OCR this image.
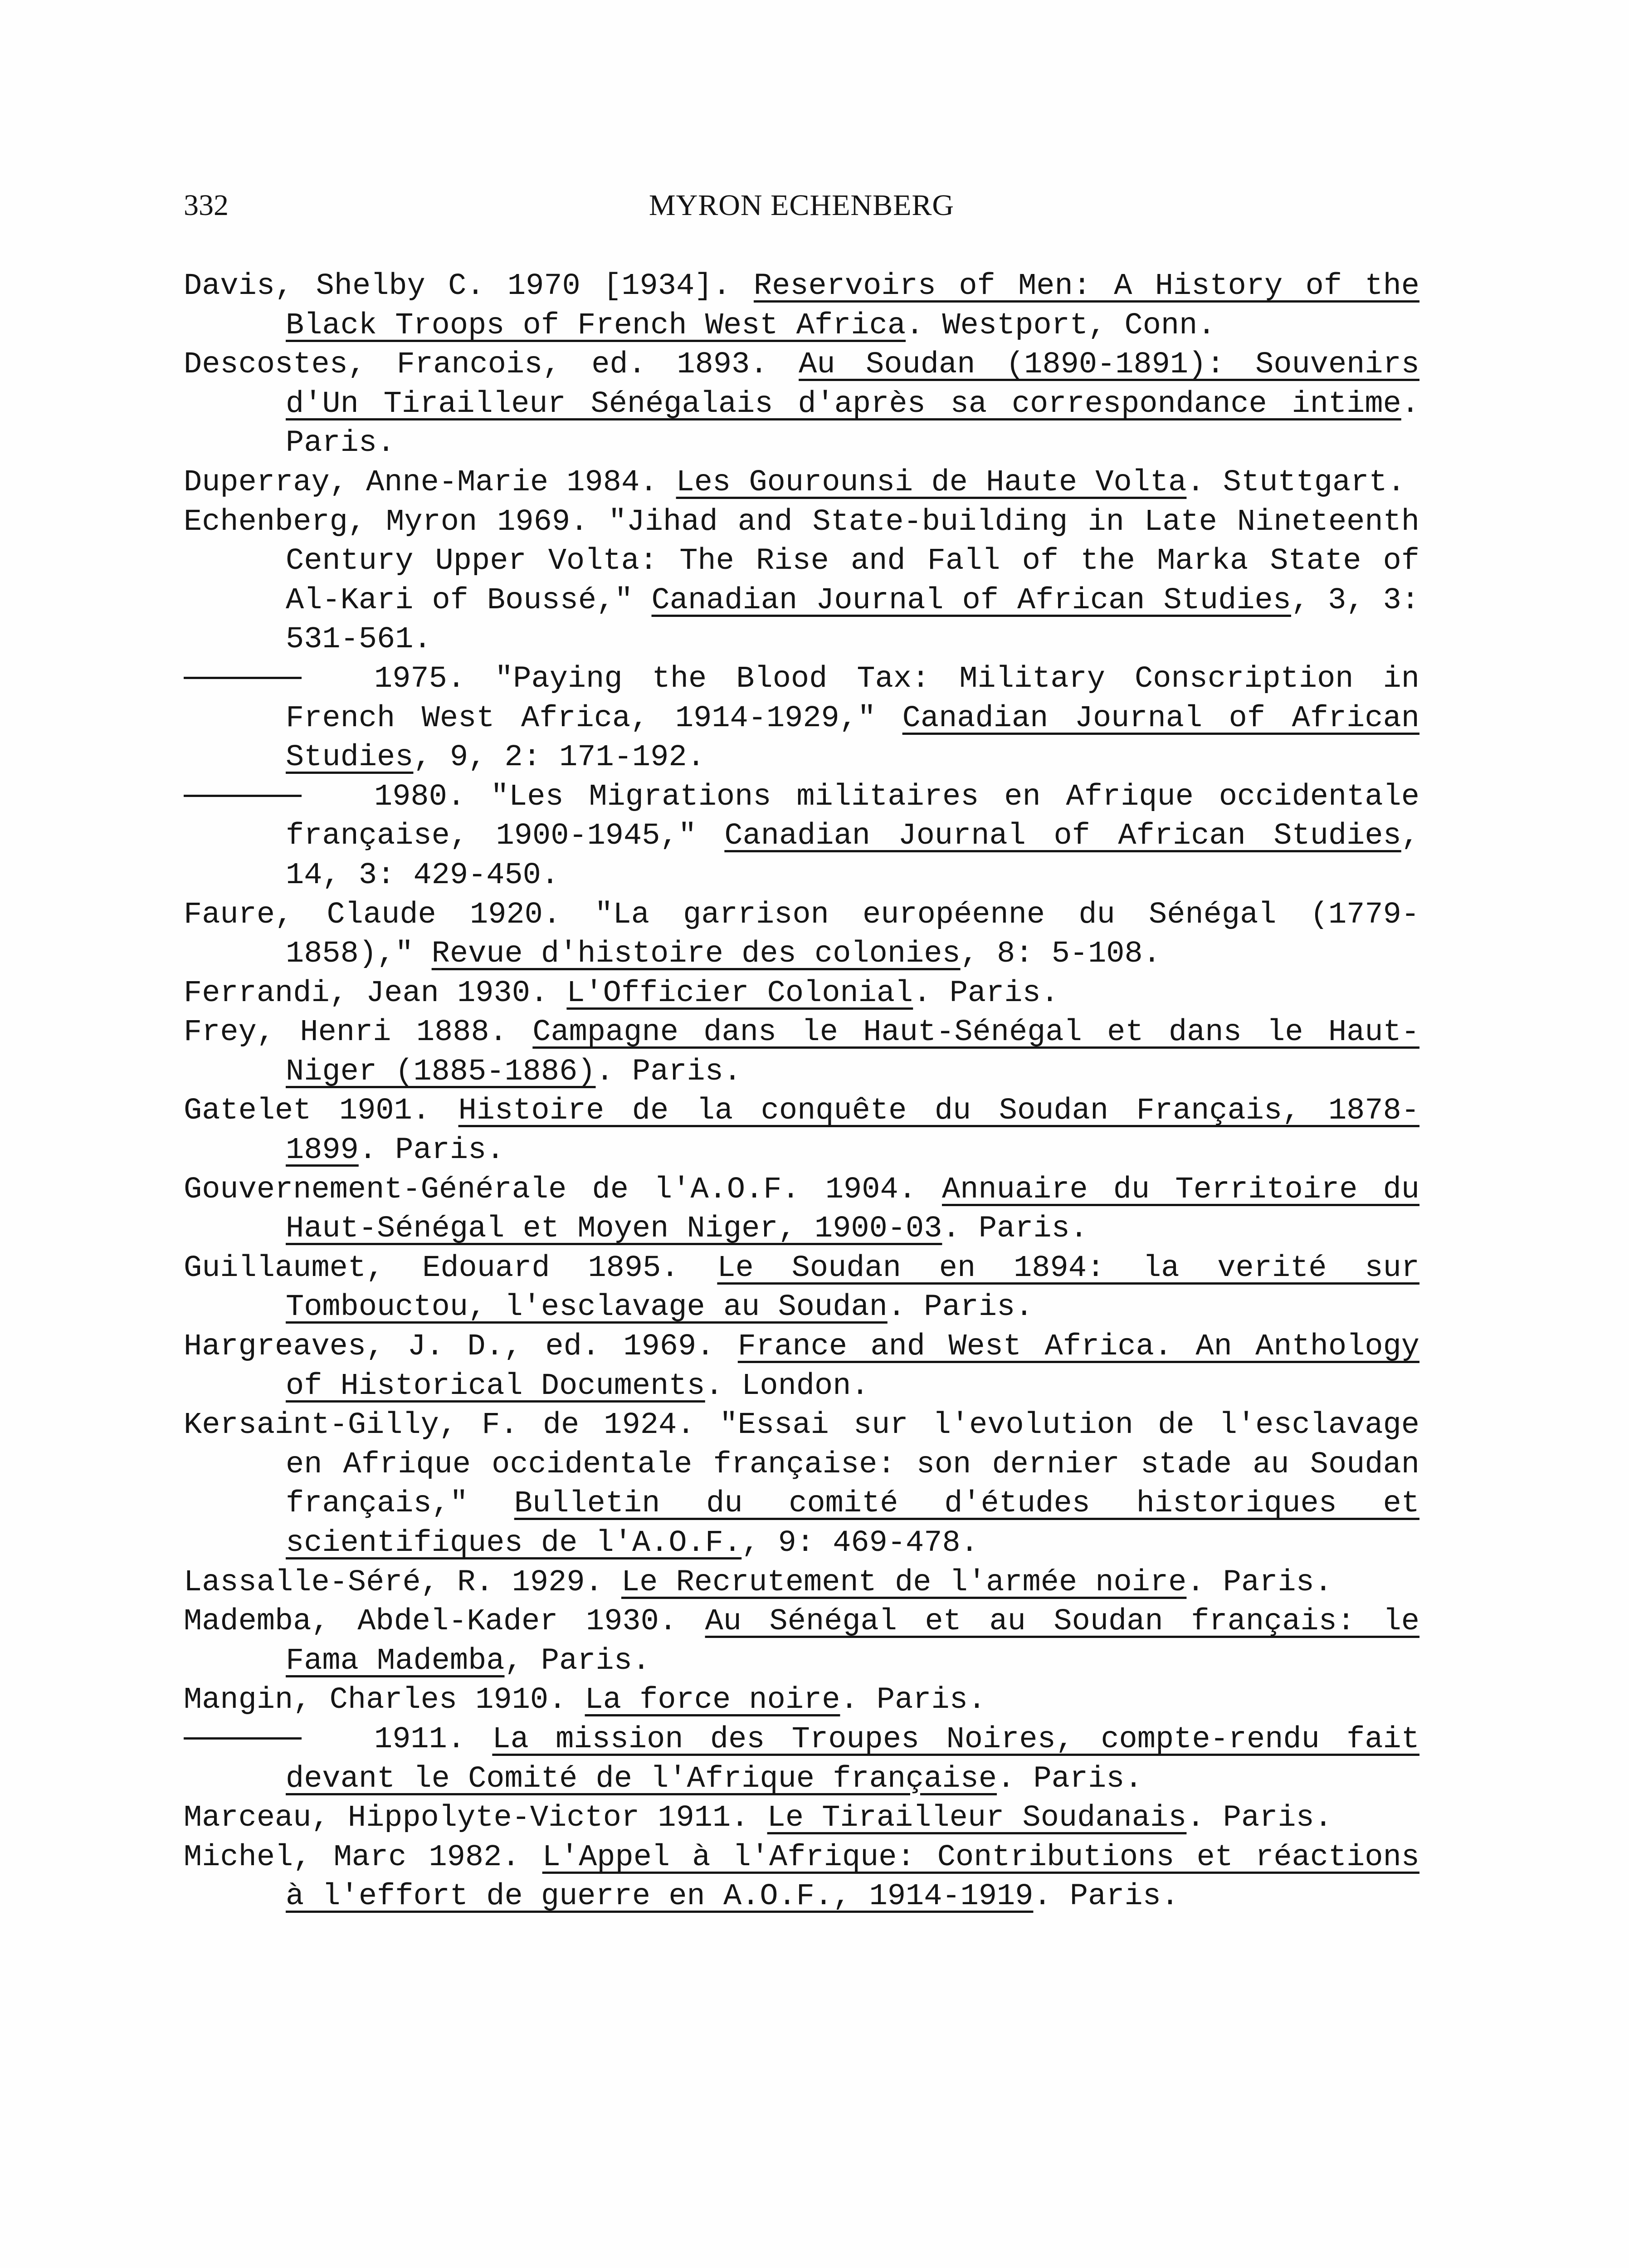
332	MYRON ECHENBERG

Davis, Shelby C. 1970 [1934]. Reservoirs of Men: A History of the Black Troops of French West Africa. Westport, Conn.

Descostes, Francois, ed. 1893. Au Soudan (1890-1891): Souvenirs d'Un Tirailleur Sénégalais d'après sa correspondance intime. Paris.

Duperray, Anne-Marie 1984. Les Gourounsi de Haute Volta. Stuttgart.

Echenberg, Myron 1969. "Jihad and State-building in Late Nineteenth Century Upper Volta: The Rise and Fall of the Marka State of Al-Kari of Boussé," Canadian Journal of African Studies, 3, 3: 531-561.

1975. "Paying the Blood Tax: Military Conscription in French West Africa, 1914-1929," Canadian Journal of African Studies, 9, 2: 171-192.

1980. "Les Migrations militaires en Afrique occidentale française, 1900-1945," Canadian Journal of African Studies, 14, 3: 429-450.

Faure, Claude 1920. "La garrison européenne du Sénégal (1779-1858)," Revue d'histoire des colonies, 8: 5-108.

Ferrandi, Jean 1930. L'Officier Colonial. Paris.

Frey, Henri 1888. Campagne dans le Haut-Sénégal et dans le Haut-Niger (1885-1886). Paris.

Gatelet 1901. Histoire de la conquête du Soudan Français, 1878-1899. Paris.

Gouvernement-Générale de l'A.O.F. 1904. Annuaire du Territoire du Haut-Sénégal et Moyen Niger, 1900-03. Paris.

Guillaumet, Edouard 1895. Le Soudan en 1894: la verité sur Tombouctou, l'esclavage au Soudan. Paris.

Hargreaves, J. D., ed. 1969. France and West Africa. An Anthology of Historical Documents. London.

Kersaint-Gilly, F. de 1924. "Essai sur l'evolution de l'esclavage en Afrique occidentale française: son dernier stade au Soudan français," Bulletin du comité d'études historiques et scientifiques de l'A.O.F., 9: 469-478.

Lassalle-Séré, R. 1929. Le Recrutement de l'armée noire. Paris.

Mademba, Abdel-Kader 1930. Au Sénégal et au Soudan français: le Fama Mademba, Paris.

Mangin, Charles 1910. La force noire. Paris.

1911. La mission des Troupes Noires, compte-rendu fait devant le Comité de l'Afrique française. Paris.

Marceau, Hippolyte-Victor 1911. Le Tirailleur Soudanais. Paris.

Michel, Marc 1982. L'Appel à l'Afrique: Contributions et réactions à l'effort de guerre en A.O.F., 1914-1919. Paris.
